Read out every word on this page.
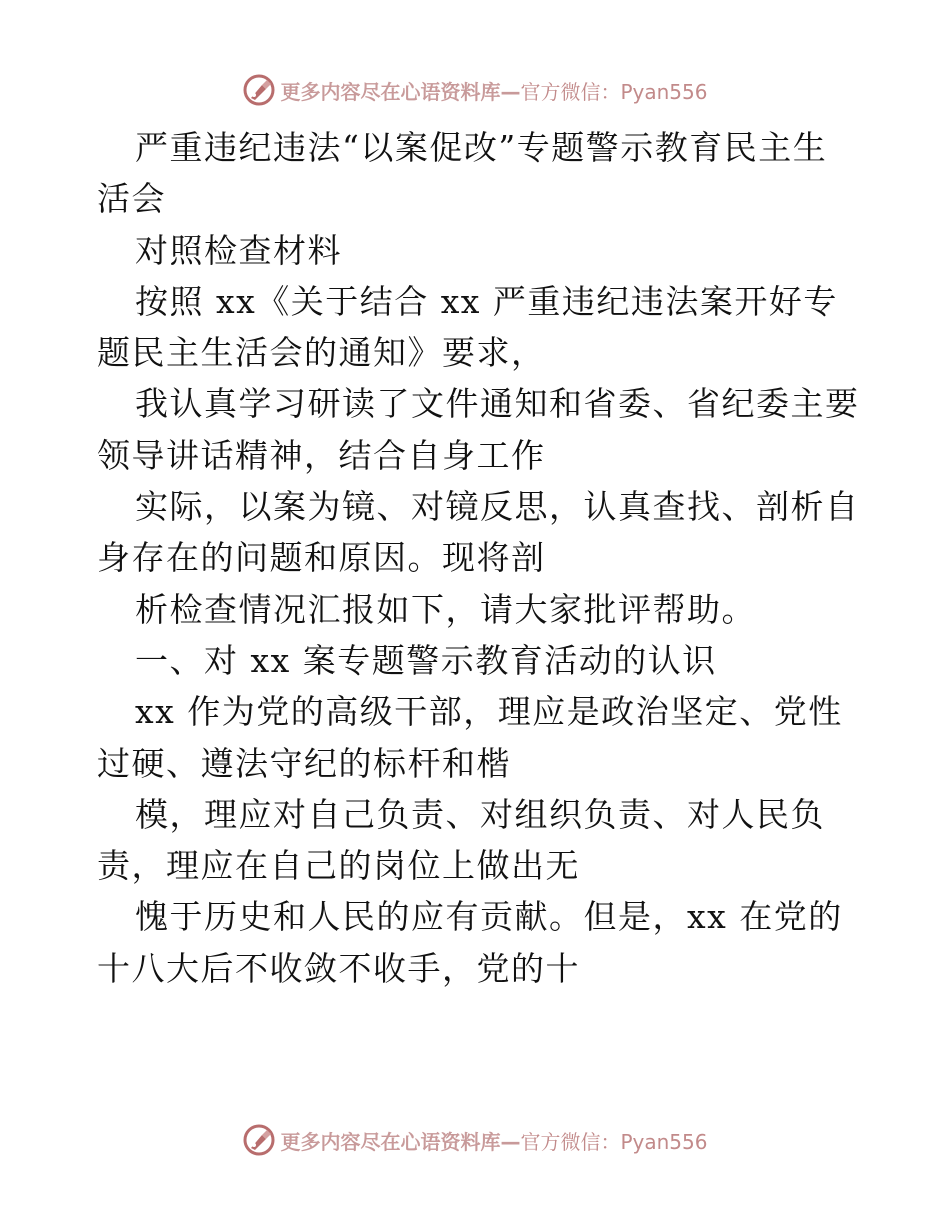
更多内容尽在心语资料库—官方微信：Pyan556
严重违纪违法“以案促改”专题警示教育民主生
活会
对照检查材料
按照 xx《关于结合 xx 严重违纪违法案开好专
题民主生活会的通知》要求，
我认真学习研读了文件通知和省委、省纪委主要
领导讲话精神，结合自身工作
实际，以案为镜、对镜反思，认真查找、剖析自
身存在的问题和原因。现将剖
析检查情况汇报如下，请大家批评帮助。
一、对 xx 案专题警示教育活动的认识
xx 作为党的高级干部，理应是政治坚定、党性
过硬、遵法守纪的标杆和楷
模，理应对自己负责、对组织负责、对人民负
责，理应在自己的岗位上做出无
愧于历史和人民的应有贡献。但是，xx 在党的
十八大后不收敛不收手，党的十
更多内容尽在心语资料库—官方微信：Pyan556
